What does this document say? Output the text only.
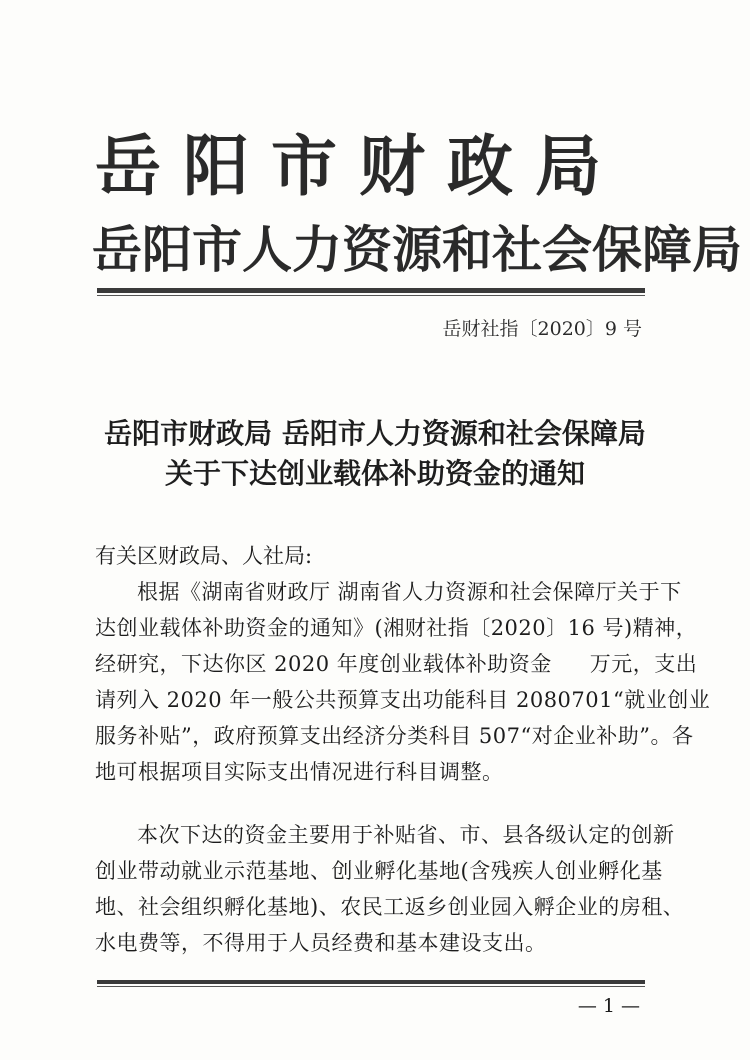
岳阳市财政局
岳阳市人力资源和社会保障局
岳财社指〔2020〕9 号
岳阳市财政局 岳阳市人力资源和社会保障局
关于下达创业载体补助资金的通知
有关区财政局、人社局:
根据《湖南省财政厅 湖南省人力资源和社会保障厅关于下
达创业载体补助资金的通知》(湘财社指〔2020〕16 号)精神，
经研究，下达你区 2020 年度创业载体补助资金 万元，支出
请列入 2020 年一般公共预算支出功能科目 2080701“就业创业
服务补贴”，政府预算支出经济分类科目 507“对企业补助”。各
地可根据项目实际支出情况进行科目调整。
本次下达的资金主要用于补贴省、市、县各级认定的创新
创业带动就业示范基地、创业孵化基地(含残疾人创业孵化基
地、社会组织孵化基地)、农民工返乡创业园入孵企业的房租、
水电费等，不得用于人员经费和基本建设支出。
— 1 —
